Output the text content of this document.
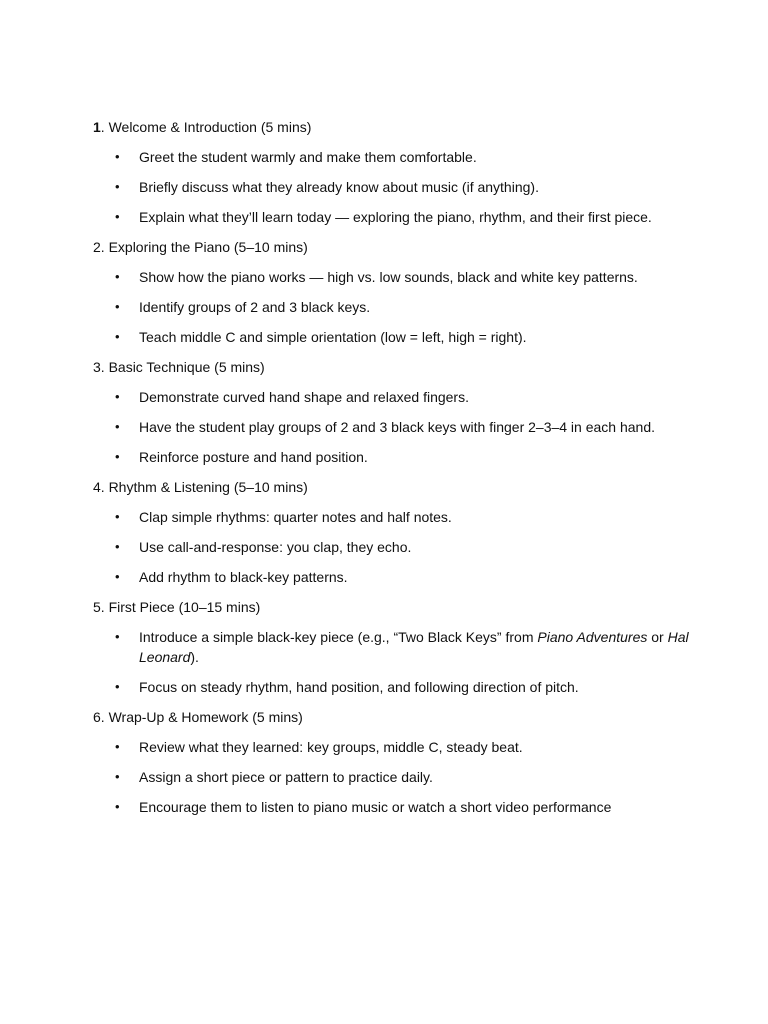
1. Welcome & Introduction (5 mins)
• Greet the student warmly and make them comfortable.
• Briefly discuss what they already know about music (if anything).
• Explain what they’ll learn today — exploring the piano, rhythm, and their first piece.
2. Exploring the Piano (5–10 mins)
• Show how the piano works — high vs. low sounds, black and white key patterns.
• Identify groups of 2 and 3 black keys.
• Teach middle C and simple orientation (low = left, high = right).
3. Basic Technique (5 mins)
• Demonstrate curved hand shape and relaxed fingers.
• Have the student play groups of 2 and 3 black keys with finger 2–3–4 in each hand.
• Reinforce posture and hand position.
4. Rhythm & Listening (5–10 mins)
• Clap simple rhythms: quarter notes and half notes.
• Use call-and-response: you clap, they echo.
• Add rhythm to black-key patterns.
5. First Piece (10–15 mins)
• Introduce a simple black-key piece (e.g., “Two Black Keys” from Piano Adventures or Hal Leonard).
• Focus on steady rhythm, hand position, and following direction of pitch.
6. Wrap-Up & Homework (5 mins)
• Review what they learned: key groups, middle C, steady beat.
• Assign a short piece or pattern to practice daily.
• Encourage them to listen to piano music or watch a short video performance
